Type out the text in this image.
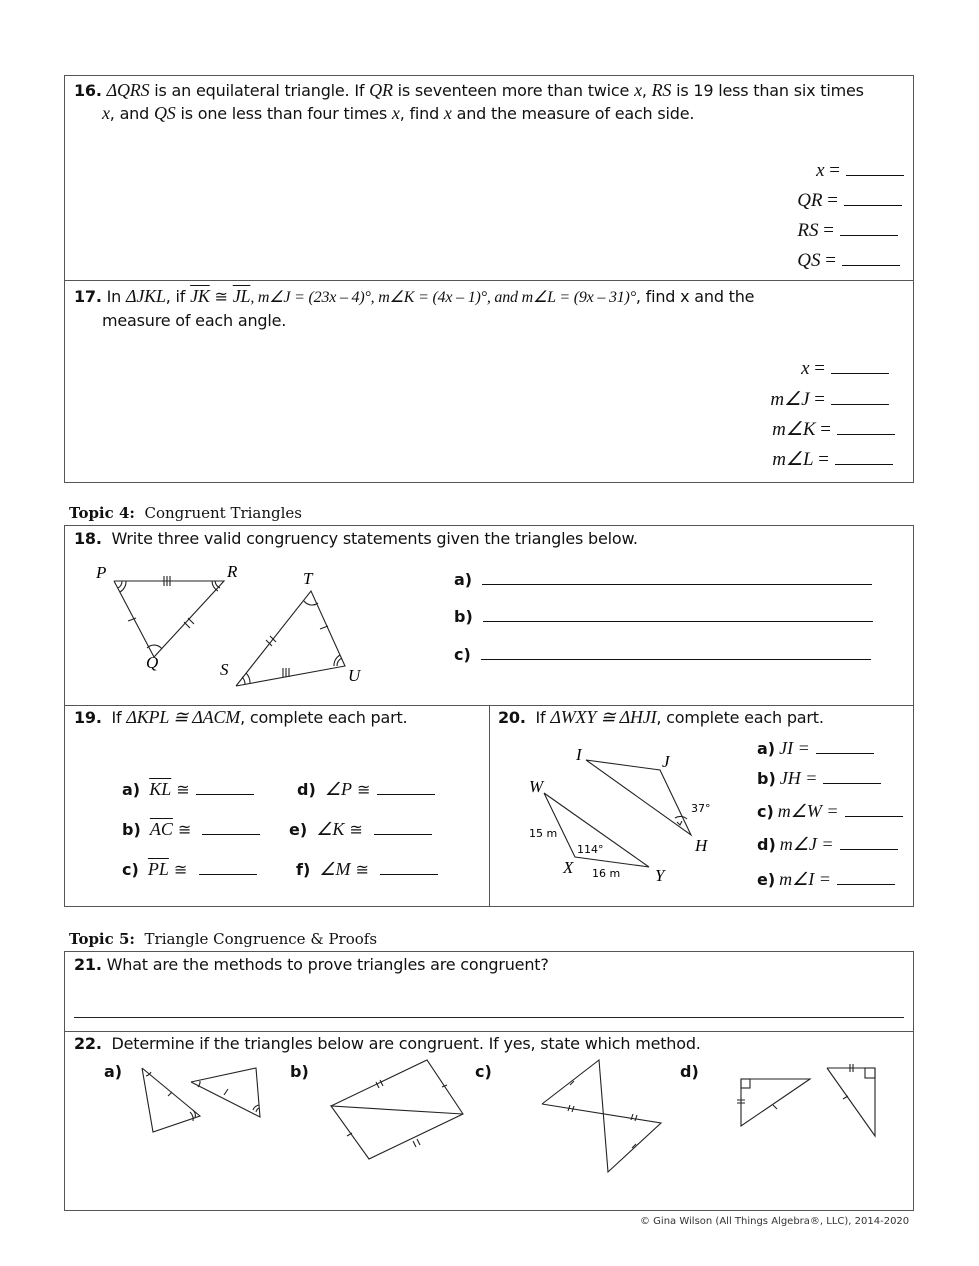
16. ΔQRS is an equilateral triangle. If QR is seventeen more than twice x, RS is 19 less than six times
x, and QS is one less than four times x, find x and the measure of each side.
x =
QR =
RS =
QS =
17. In ΔJKL, if $\overline{JK}$ ≅ $\overline{JL}$, m∠J = (23x – 4)°, m∠K = (4x – 1)°, and m∠L = (9x – 31)°, find x and the
measure of each angle.
x =
m∠J =
m∠K =
m∠L =
Topic 4: Congruent Triangles
18. Write three valid congruency statements given the triangles below.
P	R
Q
T
S	U
a)
b)
c)
19. If ΔKPL ≅ ΔACM, complete each part.
a) $\overline{KL}$ ≅
b) $\overline{AC}$ ≅
c) $\overline{PL}$ ≅
d) ∠P ≅
e) ∠K ≅
f) ∠M ≅
20. If ΔWXY ≅ ΔHJI, complete each part.
I	J
W
H
X	Y
37°
114°
15 m
16 m
a) JI =
b) JH =
c) m∠W =
d) m∠J =
e) m∠I =
Topic 5: Triangle Congruence & Proofs
21. What are the methods to prove triangles are congruent?
22. Determine if the triangles below are congruent. If yes, state which method.
a)	b)	c)	d)
© Gina Wilson (All Things Algebra®, LLC), 2014-2020
